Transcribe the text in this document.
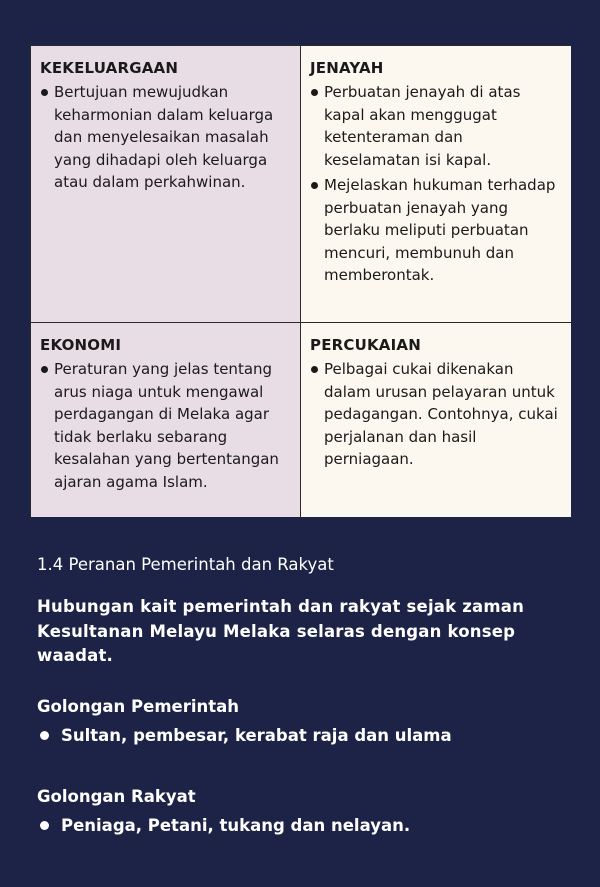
KEKELUARGAAN
Bertujuan mewujudkan keharmonian dalam keluarga dan menyelesaikan masalah yang dihadapi oleh keluarga atau dalam perkahwinan.
JENAYAH
Perbuatan jenayah di atas kapal akan menggugat ketenteraman dan keselamatan isi kapal.
Mejelaskan hukuman terhadap perbuatan jenayah yang berlaku meliputi perbuatan mencuri, membunuh dan memberontak.
EKONOMI
Peraturan yang jelas tentang arus niaga untuk mengawal perdagangan di Melaka agar tidak berlaku sebarang kesalahan yang bertentangan ajaran agama Islam.
PERCUKAIAN
Pelbagai cukai dikenakan dalam urusan pelayaran untuk pedagangan. Contohnya, cukai perjalanan dan hasil perniagaan.
1.4 Peranan Pemerintah dan Rakyat
Hubungan kait pemerintah dan rakyat sejak zaman Kesultanan Melayu Melaka selaras dengan konsep waadat.
Golongan Pemerintah
Sultan, pembesar, kerabat raja dan ulama
Golongan Rakyat
Peniaga, Petani, tukang dan nelayan.
